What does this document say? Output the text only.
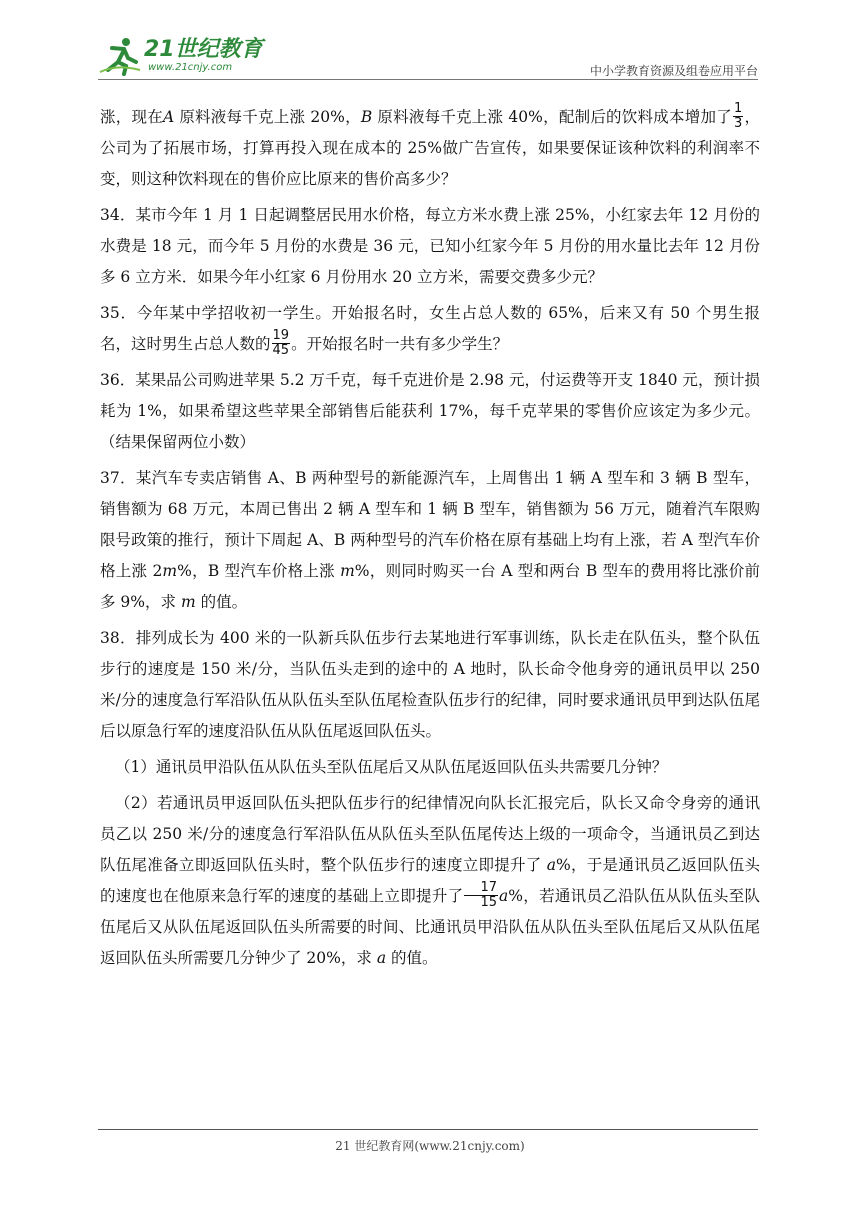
21世纪教育
www.21cnjy.com	中小学教育资源及组卷应用平台

涨，现在A 原料液每千克上涨 20%，B 原料液每千克上涨 40%，配制后的饮料成本增加了 $\frac{1}{3}$ ，公司为了拓展市场，打算再投入现在成本的 25%做广告宣传，如果要保证该种饮料的利润率不变，则这种饮料现在的售价应比原来的售价高多少？

34．某市今年 1 月 1 日起调整居民用水价格，每立方米水费上涨 25%，小红家去年 12 月份的水费是 18 元，而今年 5 月份的水费是 36 元，已知小红家今年 5 月份的用水量比去年 12 月份多 6 立方米．如果今年小红家 6 月份用水 20 立方米，需要交费多少元？

35．今年某中学招收初一学生。开始报名时，女生占总人数的 65%，后来又有 50 个男生报名，这时男生占总人数的 $\frac{19}{45}$ 。开始报名时一共有多少学生？

36．某果品公司购进苹果 5.2 万千克，每千克进价是 2.98 元，付运费等开支 1840 元，预计损耗为 1%，如果希望这些苹果全部销售后能获利 17%，每千克苹果的零售价应该定为多少元。（结果保留两位小数）

37．某汽车专卖店销售 A、B 两种型号的新能源汽车，上周售出 1 辆 A 型车和 3 辆 B 型车，销售额为 68 万元，本周已售出 2 辆 A 型车和 1 辆 B 型车，销售额为 56 万元，随着汽车限购限号政策的推行，预计下周起 A、B 两种型号的汽车价格在原有基础上均有上涨，若 A 型汽车价格上涨 2m%，B 型汽车价格上涨 m%，则同时购买一台 A 型和两台 B 型车的费用将比涨价前多 9%，求 m 的值。

38．排列成长为 400 米的一队新兵队伍步行去某地进行军事训练，队长走在队伍头，整个队伍步行的速度是 150 米/分，当队伍头走到的途中的 A 地时，队长命令他身旁的通讯员甲以 250 米/分的速度急行军沿队伍从队伍头至队伍尾检查队伍步行的纪律，同时要求通讯员甲到达队伍尾后以原急行军的速度沿队伍从队伍尾返回队伍头。

（1）通讯员甲沿队伍从队伍头至队伍尾后又从队伍尾返回队伍头共需要几分钟？

（2）若通讯员甲返回队伍头把队伍步行的纪律情况向队长汇报完后，队长又命令身旁的通讯员乙以 250 米/分的速度急行军沿队伍从队伍头至队伍尾传达上级的一项命令，当通讯员乙到达队伍尾准备立即返回队伍头时，整个队伍步行的速度立即提升了 a%，于是通讯员乙返回队伍头的速度也在他原来急行军的速度的基础上立即提升了 $\frac{17}{15} a\%$，若通讯员乙沿队伍从队伍头至队伍尾后又从队伍尾返回队伍头所需要的时间、比通讯员甲沿队伍从队伍头至队伍尾后又从队伍尾返回队伍头所需要几分钟少了 20%，求 a 的值。

21 世纪教育网(www.21cnjy.com)
